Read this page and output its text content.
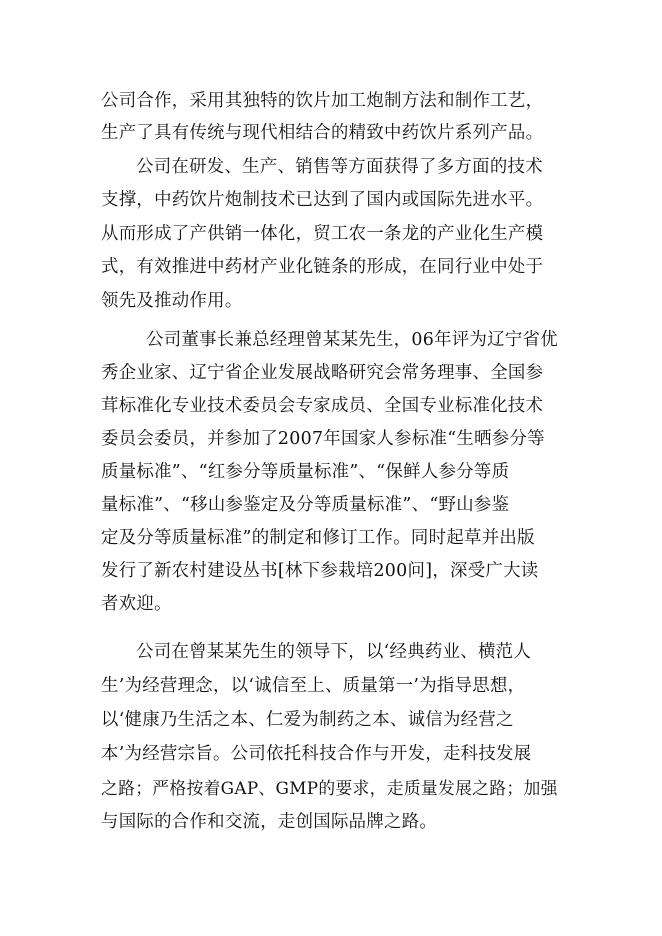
公司合作，采用其独特的饮片加工炮制方法和制作工艺，
生产了具有传统与现代相结合的精致中药饮片系列产品。
公司在研发、生产、销售等方面获得了多方面的技术
支撑，中药饮片炮制技术已达到了国内或国际先进水平。
从而形成了产供销一体化，贸工农一条龙的产业化生产模
式，有效推进中药材产业化链条的形成，在同行业中处于
领先及推动作用。
公司董事长兼总经理曾某某先生，06年评为辽宁省优
秀企业家、辽宁省企业发展战略研究会常务理事、全国参
茸标准化专业技术委员会专家成员、全国专业标准化技术
委员会委员，并参加了2007年国家人参标准“生晒参分等
质量标准”、“红参分等质量标准”、“保鲜人参分等质
量标准”、“移山参鉴定及分等质量标准”、“野山参鉴
定及分等质量标准”的制定和修订工作。同时起草并出版
发行了新农村建设丛书[林下参栽培200问]，深受广大读
者欢迎。
公司在曾某某先生的领导下，以‘经典药业、横范人
生’为经营理念，以‘诚信至上、质量第一’为指导思想，
以‘健康乃生活之本、仁爱为制药之本、诚信为经营之
本’为经营宗旨。公司依托科技合作与开发，走科技发展
之路；严格按着GAP、GMP的要求，走质量发展之路；加强
与国际的合作和交流，走创国际品牌之路。
